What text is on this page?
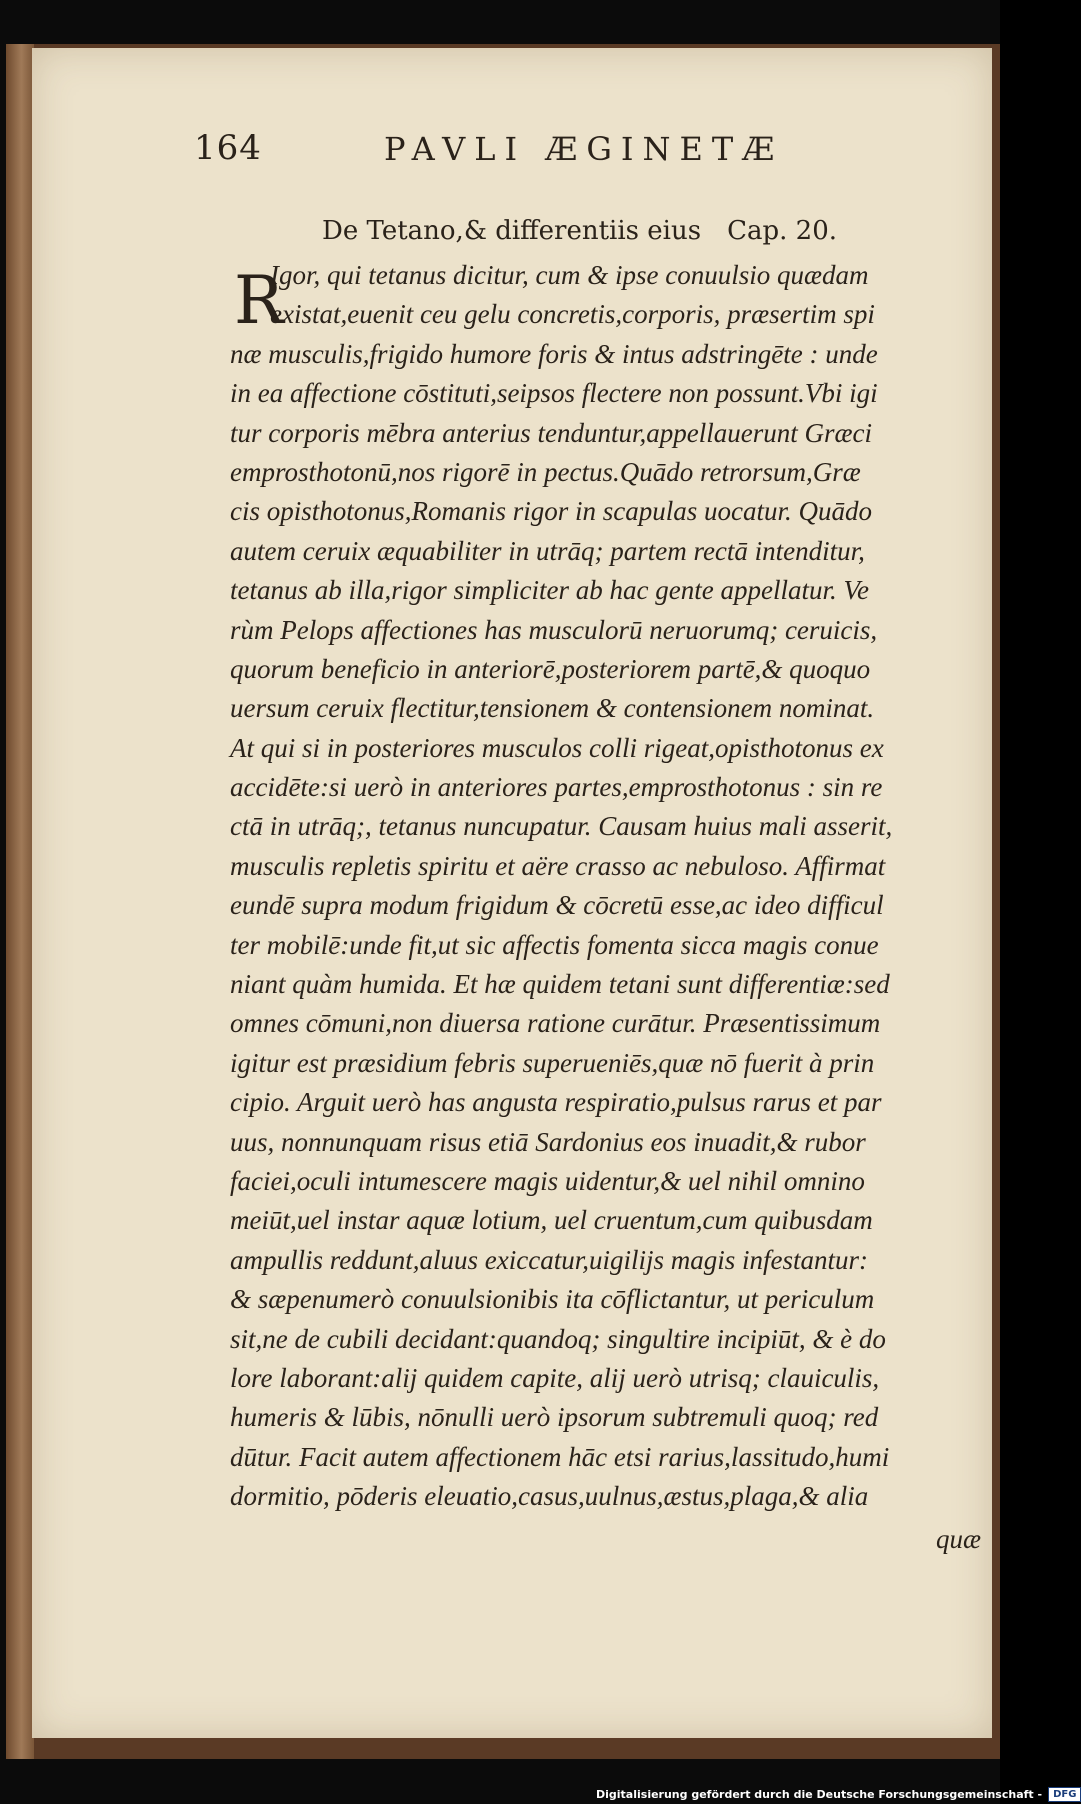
164	PAVLI ÆGINETÆ
De Tetano,& differentiis eius Cap. 20.
R
Igor, qui tetanus dicitur, cum & ipse conuulsio quædam
existat,euenit ceu gelu concretis,corporis, præsertim spi
næ musculis,frigido humore foris & intus adstringēte : unde
in ea affectione cōstituti,seipsos flectere non possunt.Vbi igi
tur corporis mēbra anterius tenduntur,appellauerunt Græci
emprosthotonū,nos rigorē in pectus.Quādo retrorsum,Græ
cis opisthotonus,Romanis rigor in scapulas uocatur. Quādo
autem ceruix æquabiliter in utrāq; partem rectā intenditur,
tetanus ab illa,rigor simpliciter ab hac gente appellatur. Ve
rùm Pelops affectiones has musculorū neruorumq; ceruicis,
quorum beneficio in anteriorē,posteriorem partē,& quoquo
uersum ceruix flectitur,tensionem & contensionem nominat.
At qui si in posteriores musculos colli rigeat,opisthotonus ex
accidēte:si uerò in anteriores partes,emprosthotonus : sin re
ctā in utrāq;, tetanus nuncupatur. Causam huius mali asserit,
musculis repletis spiritu et aëre crasso ac nebuloso. Affirmat
eundē supra modum frigidum & cōcretū esse,ac ideo difficul
ter mobilē:unde fit,ut sic affectis fomenta sicca magis conue
niant quàm humida. Et hæ quidem tetani sunt differentiæ:sed
omnes cōmuni,non diuersa ratione curātur. Præsentissimum
igitur est præsidium febris superueniēs,quæ nō fuerit à prin
cipio. Arguit uerò has angusta respiratio,pulsus rarus et par
uus, nonnunquam risus etiā Sardonius eos inuadit,& rubor
faciei,oculi intumescere magis uidentur,& uel nihil omnino
meiūt,uel instar aquæ lotium, uel cruentum,cum quibusdam
ampullis reddunt,aluus exiccatur,uigilijs magis infestantur:
& sæpenumerò conuulsionibis ita cōflictantur, ut periculum
sit,ne de cubili decidant:quandoq; singultire incipiūt, & è do
lore laborant:alij quidem capite, alij uerò utrisq; clauiculis,
humeris & lūbis, nōnulli uerò ipsorum subtremuli quoq; red
dūtur. Facit autem affectionem hāc etsi rarius,lassitudo,humi
dormitio, pōderis eleuatio,casus,uulnus,æstus,plaga,& alia
quæ
Digitalisierung gefördert durch die Deutsche Forschungsgemeinschaft -	DFG
